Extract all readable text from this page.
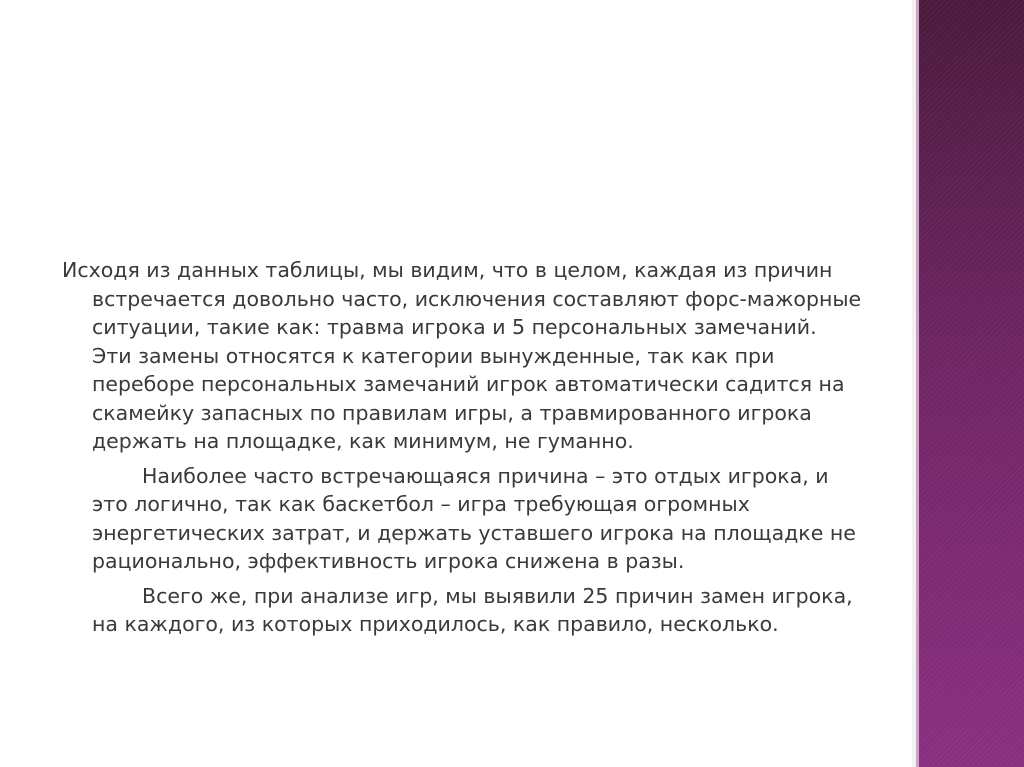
Исходя из данных таблицы, мы видим, что в целом, каждая из причин встречается довольно часто, исключения составляют форс-мажорные ситуации, такие как: травма игрока и 5 персональных замечаний. Эти замены относятся к категории вынужденные, так как при переборе персональных замечаний игрок автоматически садится на скамейку запасных по правилам игры, а травмированного игрока держать на площадке, как минимум, не гуманно.

Наиболее часто встречающаяся причина – это отдых игрока, и это логично, так как баскетбол – игра требующая огромных энергетических затрат, и держать уставшего игрока на площадке не рационально, эффективность игрока снижена в разы.

Всего же, при анализе игр, мы выявили 25 причин замен игрока, на каждого, из которых приходилось, как правило, несколько.
